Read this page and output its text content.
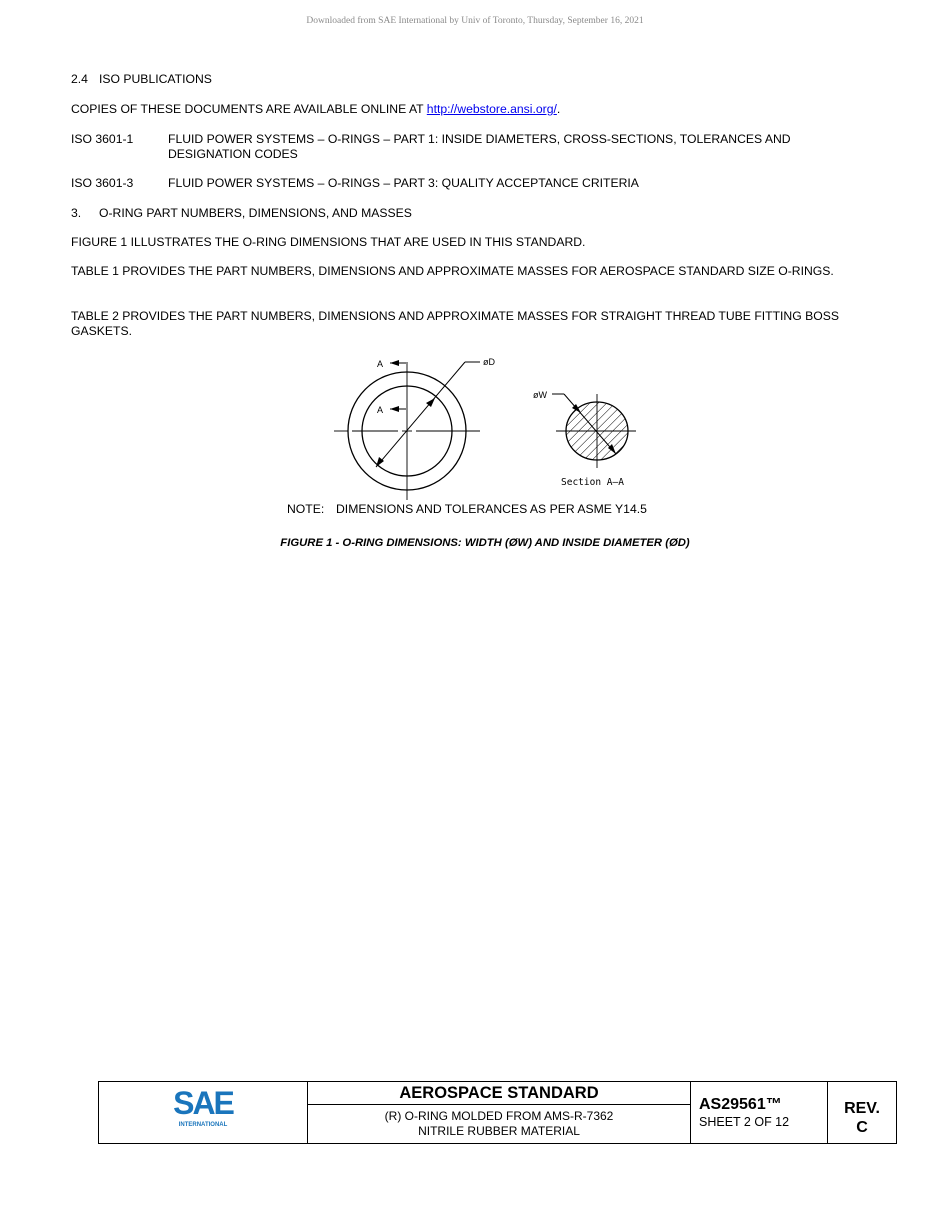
Downloaded from SAE International by Univ of Toronto, Thursday, September 16, 2021
2.4 ISO PUBLICATIONS
COPIES OF THESE DOCUMENTS ARE AVAILABLE ONLINE AT http://webstore.ansi.org/.
ISO 3601-1	FLUID POWER SYSTEMS – O-RINGS – PART 1: INSIDE DIAMETERS, CROSS-SECTIONS, TOLERANCES AND DESIGNATION CODES
ISO 3601-3	FLUID POWER SYSTEMS – O-RINGS – PART 3: QUALITY ACCEPTANCE CRITERIA
3. O-RING PART NUMBERS, DIMENSIONS, AND MASSES
FIGURE 1 ILLUSTRATES THE O-RING DIMENSIONS THAT ARE USED IN THIS STANDARD.
TABLE 1 PROVIDES THE PART NUMBERS, DIMENSIONS AND APPROXIMATE MASSES FOR AEROSPACE STANDARD SIZE O-RINGS.
TABLE 2 PROVIDES THE PART NUMBERS, DIMENSIONS AND APPROXIMATE MASSES FOR STRAIGHT THREAD TUBE FITTING BOSS GASKETS.
A
A
øD
øW
Section A–A
NOTE: DIMENSIONS AND TOLERANCES AS PER ASME Y14.5
FIGURE 1 - O-RING DIMENSIONS: WIDTH (ØW) AND INSIDE DIAMETER (ØD)
SAE
INTERNATIONAL
AEROSPACE STANDARD
(R) O-RING MOLDED FROM AMS-R-7362
NITRILE RUBBER MATERIAL
AS29561™
SHEET 2 OF 12
REV.
C
